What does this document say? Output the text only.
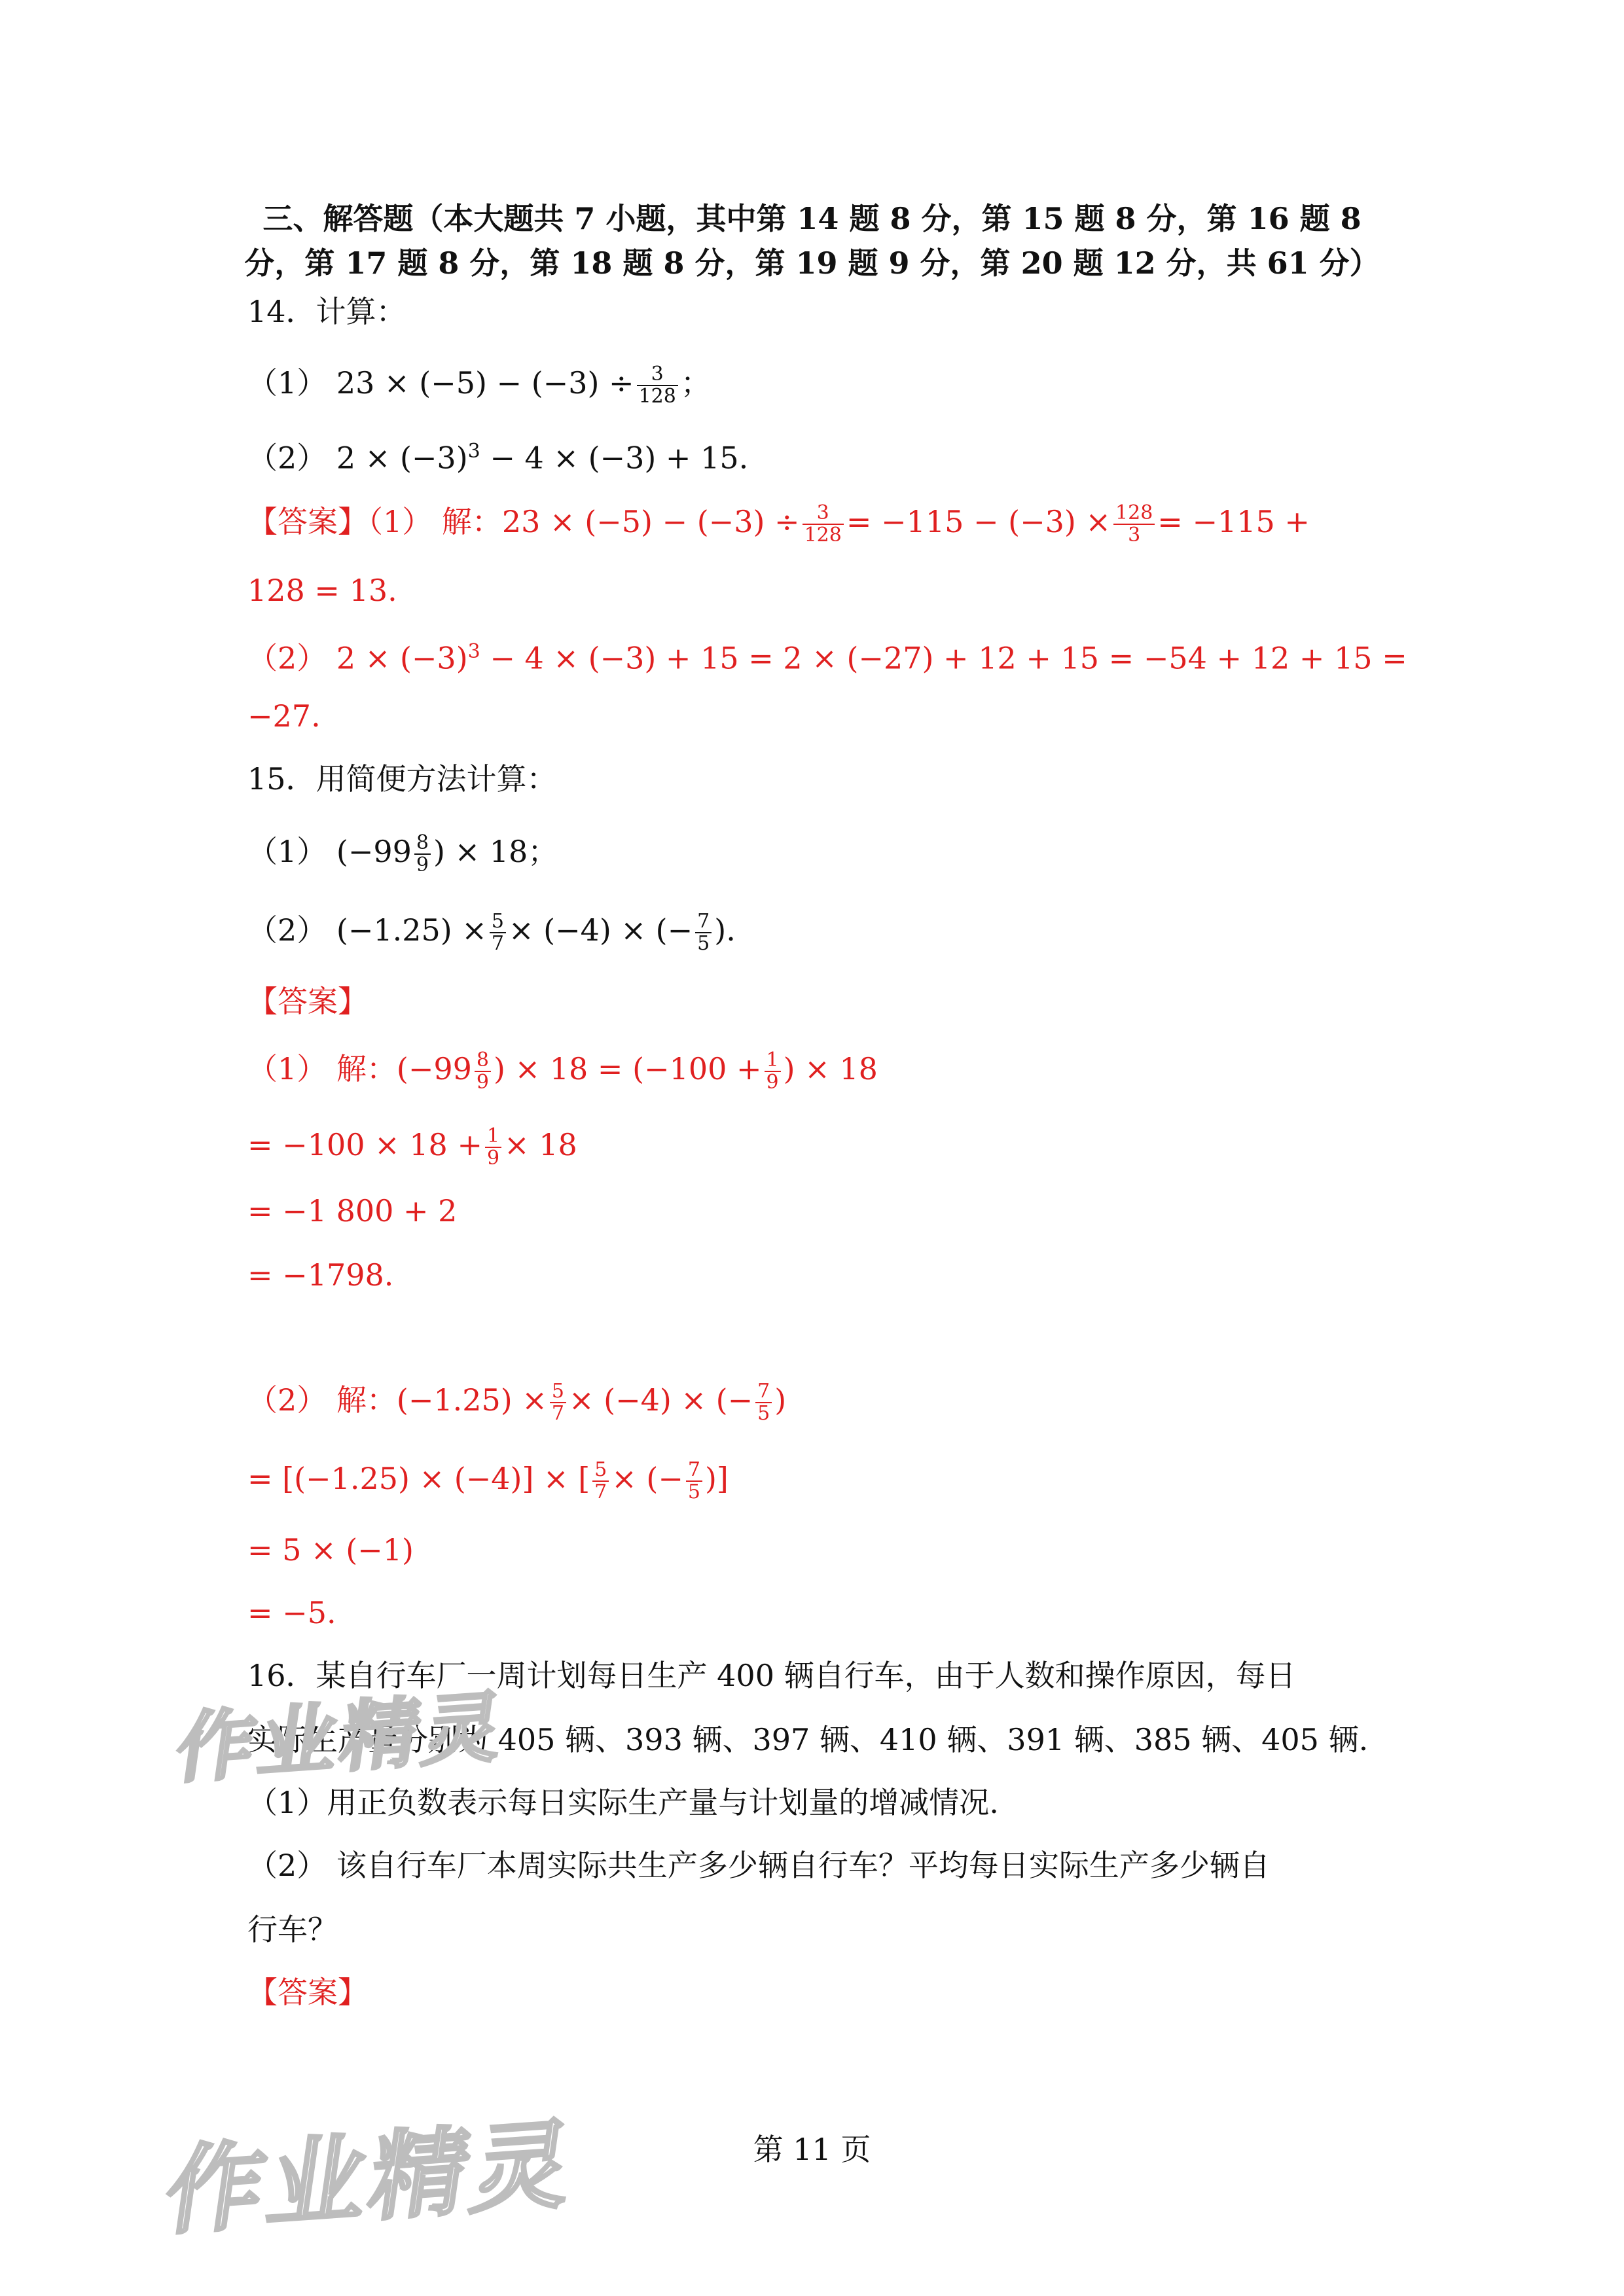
三、解答题（本大题共 7 小题，其中第 14 题 8 分，第 15 题 8 分，第 16 题 8
分，第 17 题 8 分，第 18 题 8 分，第 19 题 9 分，第 20 题 12 分，共 61 分）
14．计算：
（1） $23 \times (-5) - (-3) \div \frac{3}{128}$ ；
（2） $2 \times (-3)^3 - 4 \times (-3) + 15$.
【答案】（1） 解：$23 \times (-5) - (-3) \div \frac{3}{128} = -115 - (-3) \times \frac{128}{3} = -115$ +
128 = 13.
（2） $2 \times (-3)^3 - 4 \times (-3) + 15 = 2 \times (-27) + 12 + 15 = -54 + 12 + 15$ =
−27.
15．用简便方法计算：
（1） ($-99 \frac{8}{9}$ ) × 18；
（2） $(-1.25) \times \frac{5}{7} \times (-4)$ × (− $\frac{7}{5}$ ).
【答案】
（1） 解：($-99 \frac{8}{9}$ ) × $18 = (-100 + \frac{1}{9}$ ) × 18
= $-100 \times 18 + \frac{1}{9} \times 18$
= −1 800 + 2
= −1798.
（2） 解：$(-1.25) \times \frac{5}{7} \times (-4)$ × (− $\frac{7}{5}$ )
= [(−1.25) × (−4)] × [ $\frac{5}{7}$ × (− $\frac{7}{5}$ )]
= 5 × (−1)
= −5.
16．某自行车厂一周计划每日生产 400 辆自行车，由于人数和操作原因，每日
实际生产量分别为 405 辆、393 辆、397 辆、410 辆、391 辆、385 辆、405 辆.
（1）用正负数表示每日实际生产量与计划量的增减情况.
（2） 该自行车厂本周实际共生产多少辆自行车？平均每日实际生产多少辆自
行车？
【答案】
第 11 页
作业精灵
作业精灵
